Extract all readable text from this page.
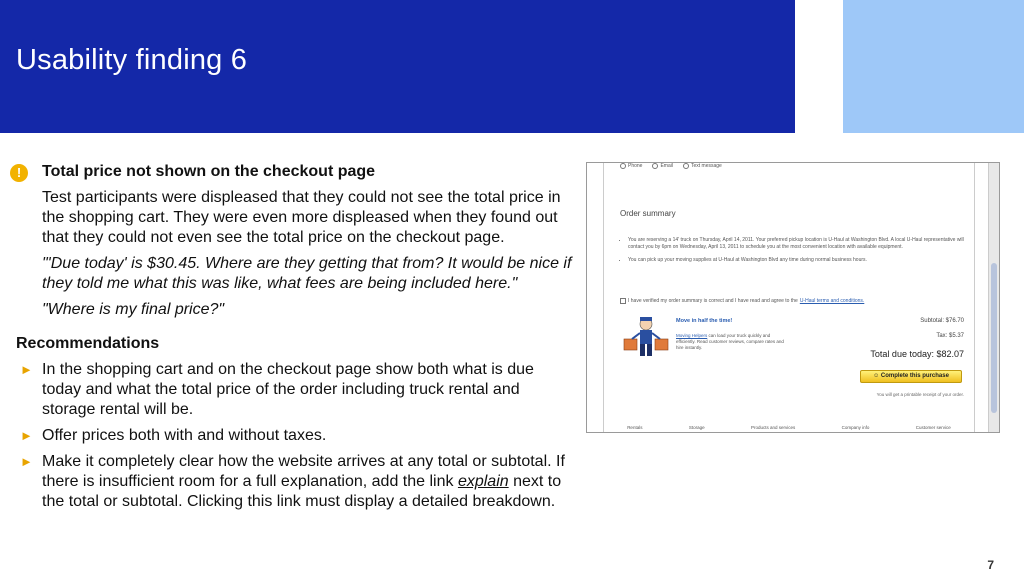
Usability finding 6
!	Total price not shown on the checkout page

Test participants were displeased that they could not see the total price in the shopping cart. They were even more displeased when they found out that they could not even see the total price on the checkout page.

"'Due today' is $30.45. Where are they getting that from? It would be nice if they told me what this was like, what fees are being included here."

"Where is my final price?"

Recommendations
► In the shopping cart and on the checkout page show both what is due today and what the total price of the order including truck rental and storage rental will be.
► Offer prices both with and without taxes.
► Make it completely clear how the website arrives at any total or subtotal. If there is insufficient room for a full explanation, add the link explain next to the total or subtotal. Clicking this link must display a detailed breakdown.
Phone	Email	Text message
Order summary
• You are reserving a 14' truck on Thursday, April 14, 2011. Your preferred pickup location is U-Haul at Washington Blvd. A local U-Haul representative will contact you by 6pm on Wednesday, April 13, 2011 to schedule you at the most convenient location with available equipment.
• You can pick up your moving supplies at U-Haul at Washington Blvd any time during normal business hours.
I have verified my order summary is correct and I have read and agree to the U-Haul terms and conditions.
Move in half the time!
Moving Helpers can load your truck quickly and efficiently. Read customer reviews, compare rates and hire instantly.
Subtotal: $76.70
Tax: $5.37
Total due today: $82.07
☺ Complete this purchase
You will get a printable receipt of your order.
Rentals	Storage	Products and services	Company info	Customer service
7
